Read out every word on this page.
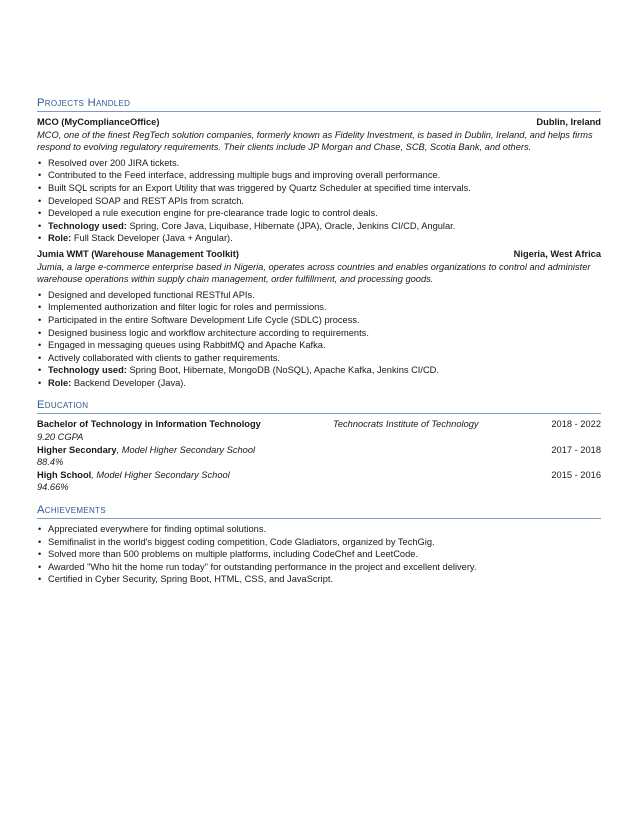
Projects Handled
MCO (MyComplianceOffice)	Dublin, Ireland
MCO, one of the finest RegTech solution companies, formerly known as Fidelity Investment, is based in Dublin, Ireland, and helps firms respond to evolving regulatory requirements. Their clients include JP Morgan and Chase, SCB, Scotia Bank, and others.
• Resolved over 200 JIRA tickets.
• Contributed to the Feed interface, addressing multiple bugs and improving overall performance.
• Built SQL scripts for an Export Utility that was triggered by Quartz Scheduler at specified time intervals.
• Developed SOAP and REST APIs from scratch.
• Developed a rule execution engine for pre-clearance trade logic to control deals.
• Technology used: Spring, Core Java, Liquibase, Hibernate (JPA), Oracle, Jenkins CI/CD, Angular.
• Role: Full Stack Developer (Java + Angular).
Jumia WMT (Warehouse Management Toolkit)	Nigeria, West Africa
Jumia, a large e-commerce enterprise based in Nigeria, operates across countries and enables organizations to control and administer warehouse operations within supply chain management, order fulfillment, and processing goods.
• Designed and developed functional RESTful APIs.
• Implemented authorization and filter logic for roles and permissions.
• Participated in the entire Software Development Life Cycle (SDLC) process.
• Designed business logic and workflow architecture according to requirements.
• Engaged in messaging queues using RabbitMQ and Apache Kafka.
• Actively collaborated with clients to gather requirements.
• Technology used: Spring Boot, Hibernate, MongoDB (NoSQL), Apache Kafka, Jenkins CI/CD.
• Role: Backend Developer (Java).
Education
Bachelor of Technology in Information Technology	Technocrats Institute of Technology	2018 - 2022
9.20 CGPA
Higher Secondary, Model Higher Secondary School	2017 - 2018
88.4%
High School, Model Higher Secondary School	2015 - 2016
94.66%
Achievements
• Appreciated everywhere for finding optimal solutions.
• Semifinalist in the world's biggest coding competition, Code Gladiators, organized by TechGig.
• Solved more than 500 problems on multiple platforms, including CodeChef and LeetCode.
• Awarded "Who hit the home run today" for outstanding performance in the project and excellent delivery.
• Certified in Cyber Security, Spring Boot, HTML, CSS, and JavaScript.
